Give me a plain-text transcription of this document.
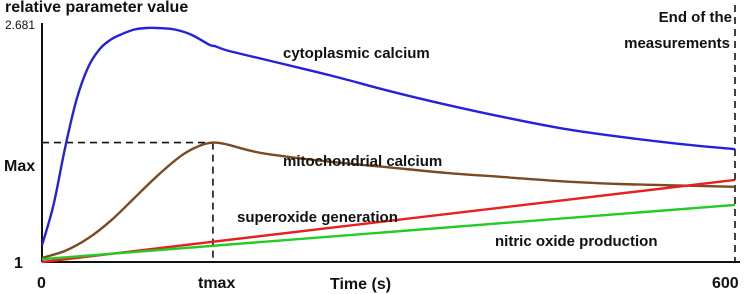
relative parameter value
Time (s)
2.681
Max
1
0	tmax	600
End of the
measurements
cytoplasmic calcium
mitochondrial calcium
superoxide generation
nitric oxide production
